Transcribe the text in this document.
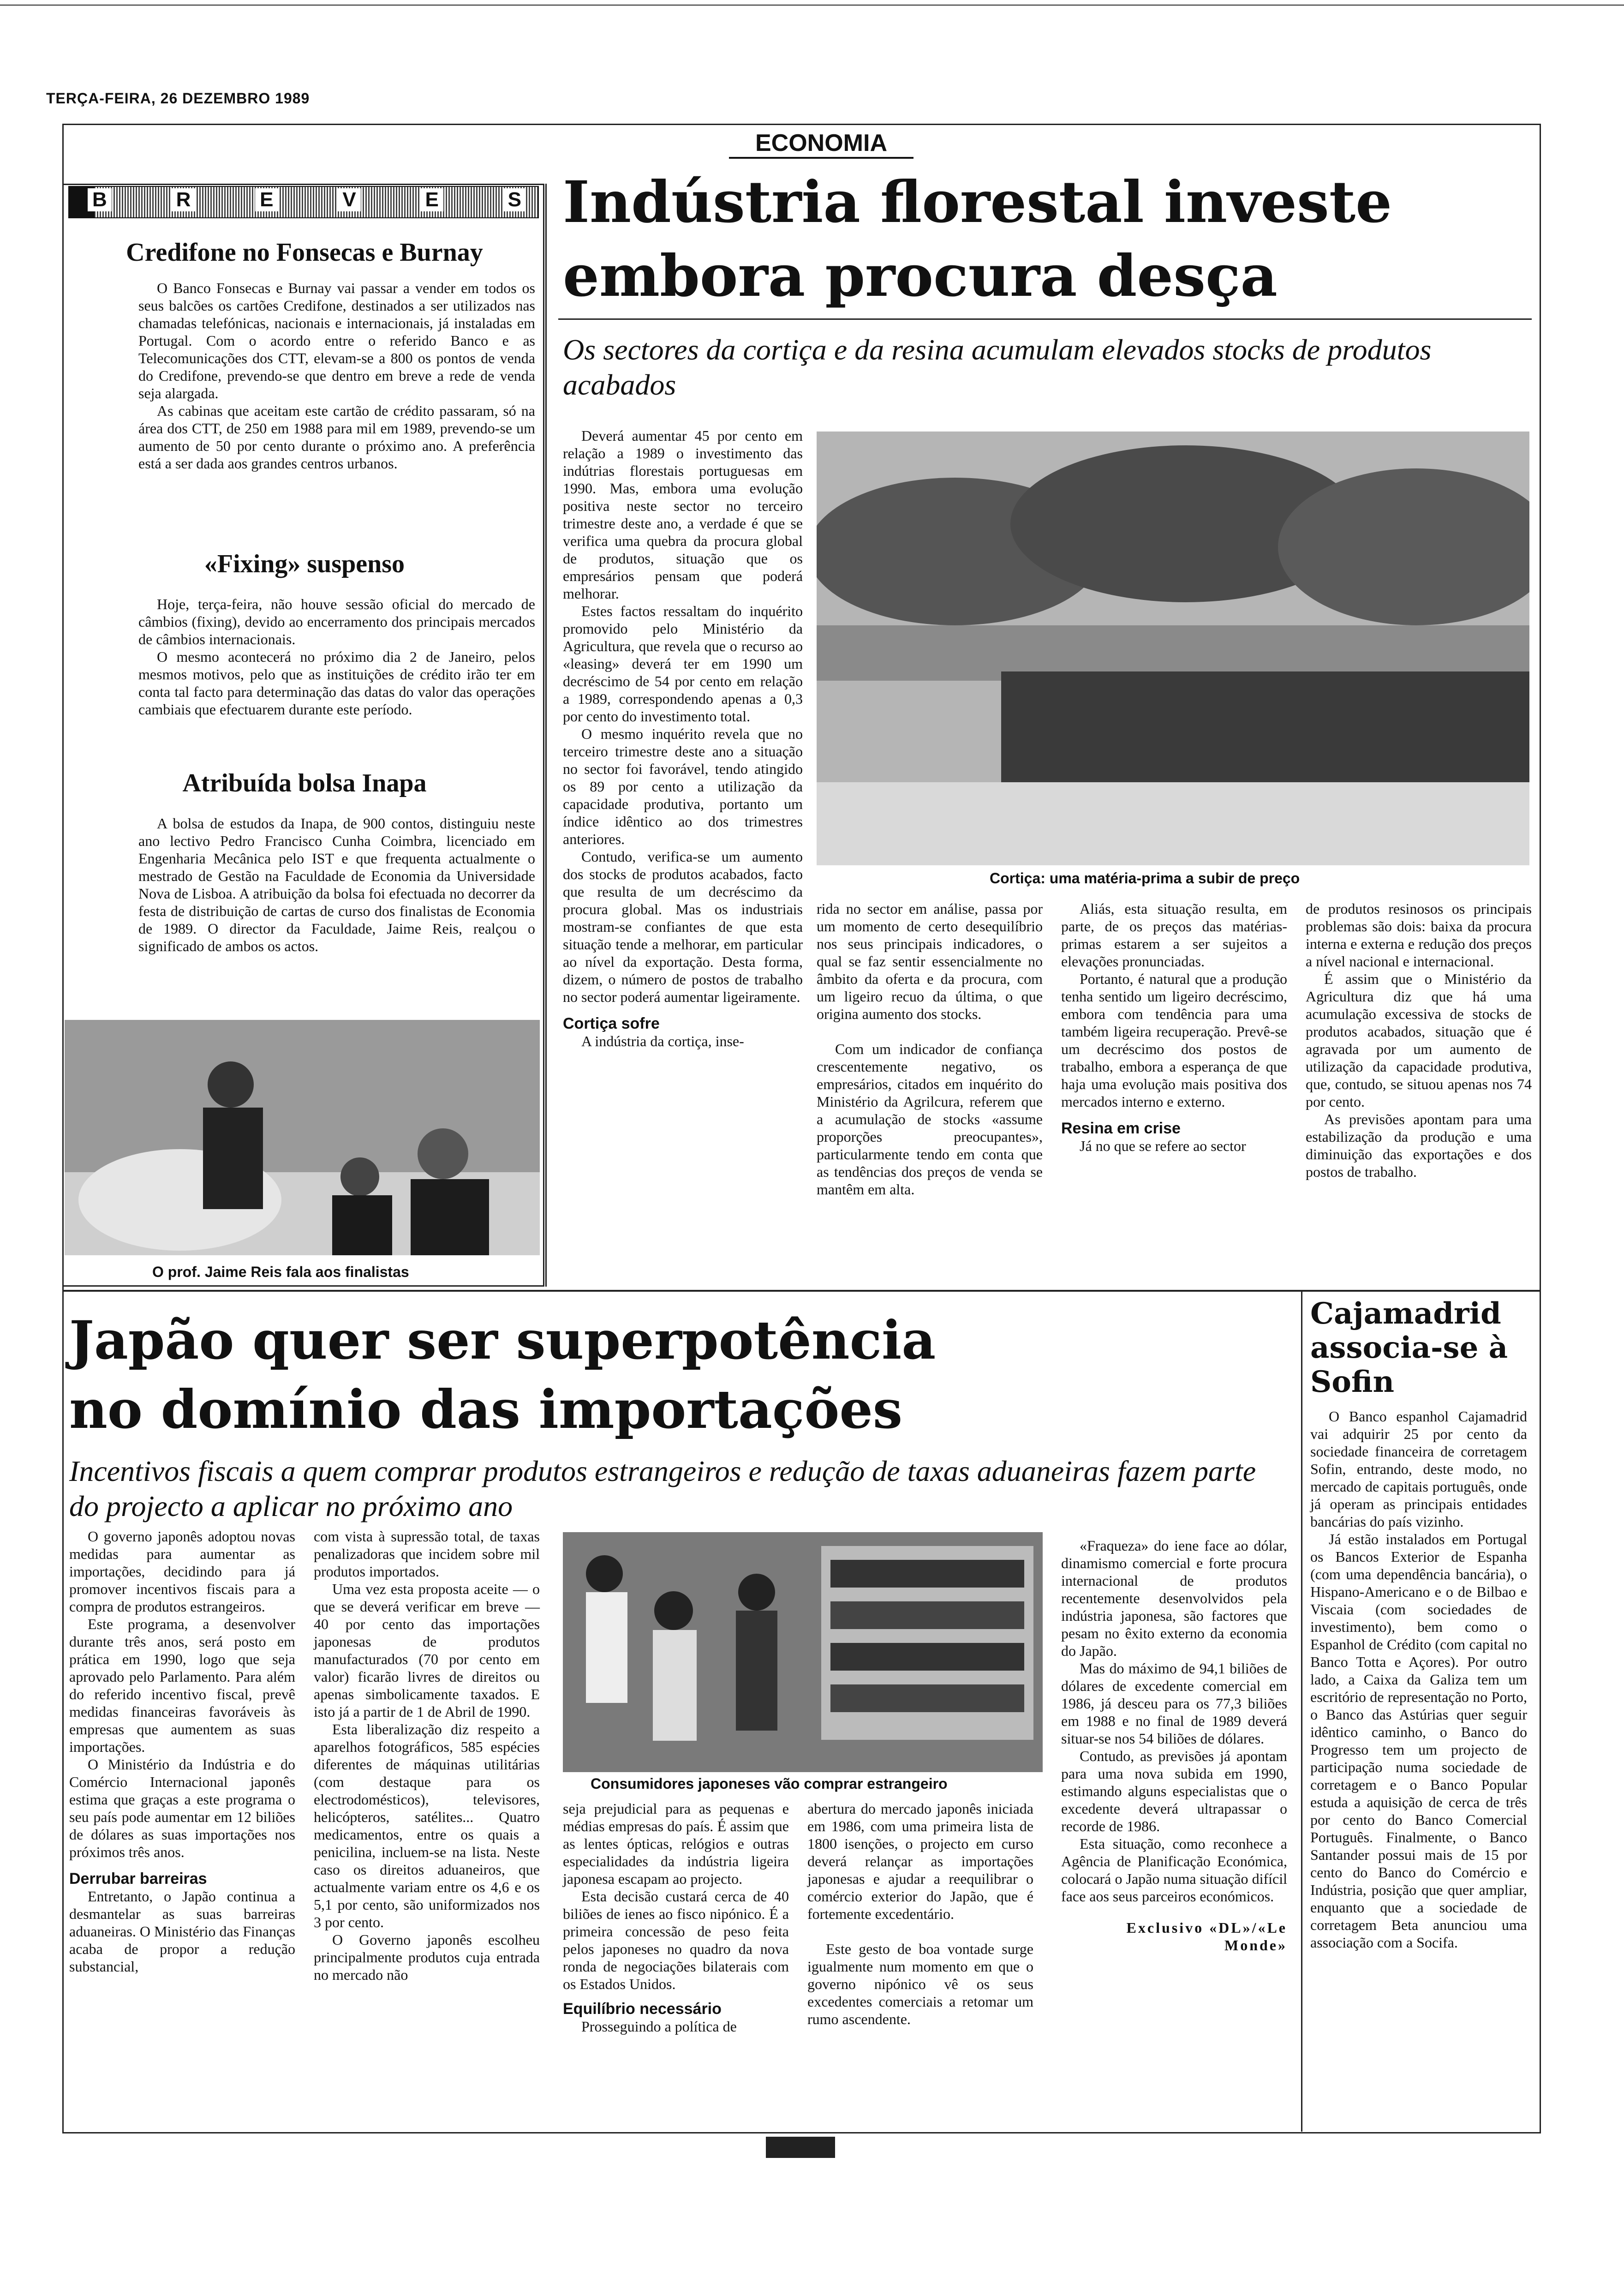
TERÇA-FEIRA, 26 DEZEMBRO 1989
ECONOMIA
B	R	E	V	E	S
Credifone no Fonsecas e Burnay

O Banco Fonsecas e Burnay vai passar a vender em todos os seus balcões os cartões Credifone, destinados a ser utilizados nas chamadas telefónicas, nacionais e internacionais, já instaladas em Portugal. Com o acordo entre o referido Banco e as Telecomunicações dos CTT, elevam-se a 800 os pontos de venda do Credifone, prevendo-se que dentro em breve a rede de venda seja alargada.

As cabinas que aceitam este cartão de crédito passaram, só na área dos CTT, de 250 em 1988 para mil em 1989, prevendo-se um aumento de 50 por cento durante o próximo ano. A preferência está a ser dada aos grandes centros urbanos.

«Fixing» suspenso

Hoje, terça-feira, não houve sessão oficial do mercado de câmbios (fixing), devido ao encerramento dos principais mercados de câmbios internacionais.

O mesmo acontecerá no próximo dia 2 de Janeiro, pelos mesmos motivos, pelo que as instituições de crédito irão ter em conta tal facto para determinação das datas do valor das operações cambiais que efectuarem durante este período.

Atribuída bolsa Inapa

A bolsa de estudos da Inapa, de 900 contos, distinguiu neste ano lectivo Pedro Francisco Cunha Coimbra, licenciado em Engenharia Mecânica pelo IST e que frequenta actualmente o mestrado de Gestão na Faculdade de Economia da Universidade Nova de Lisboa. A atribuição da bolsa foi efectuada no decorrer da festa de distribuição de cartas de curso dos finalistas de Economia de 1989. O director da Faculdade, Jaime Reis, realçou o significado de ambos os actos.

O prof. Jaime Reis fala aos finalistas
Indústria florestal investe
embora procura desça
Os sectores da cortiça e da resina acumulam elevados stocks de produtos acabados

Deverá aumentar 45 por cento em relação a 1989 o investimento das indútrias florestais portuguesas em 1990. Mas, embora uma evolução positiva neste sector no terceiro trimestre deste ano, a verdade é que se verifica uma quebra da procura global de produtos, situação que os empresários pensam que poderá melhorar.

Estes factos ressaltam do inquérito promovido pelo Ministério da Agricultura, que revela que o recurso ao «leasing» deverá ter em 1990 um decréscimo de 54 por cento em relação a 1989, correspondendo apenas a 0,3 por cento do investimento total.

O mesmo inquérito revela que no terceiro trimestre deste ano a situação no sector foi favorável, tendo atingido os 89 por cento a utilização da capacidade produtiva, portanto um índice idêntico ao dos trimestres anteriores.

Contudo, verifica-se um aumento dos stocks de produtos acabados, facto que resulta de um decréscimo da procura global. Mas os industriais mostram-se confiantes de que esta situação tende a melhorar, em particular ao nível da exportação. Desta forma, dizem, o número de postos de trabalho no sector poderá aumentar ligeiramente.

Cortiça sofre

A indústria da cortiça, inse-

Cortiça: uma matéria-prima a subir de preço

rida no sector em análise, passa por um momento de certo desequilíbrio nos seus principais indicadores, o qual se faz sentir essencialmente no âmbito da oferta e da procura, com um ligeiro recuo da última, o que origina aumento dos stocks.

Com um indicador de confiança crescentemente negativo, os empresários, citados em inquérito do Ministério da Agrilcura, referem que a acumulação de stocks «assume proporções preocupantes», particularmente tendo em conta que as tendências dos preços de venda se mantêm em alta.

Aliás, esta situação resulta, em parte, de os preços das matérias-primas estarem a ser sujeitos a elevações pronunciadas.

Portanto, é natural que a produção tenha sentido um ligeiro decréscimo, embora com tendência para uma também ligeira recuperação. Prevê-se um decréscimo dos postos de trabalho, embora a esperança de que haja uma evolução mais positiva dos mercados interno e externo.

Resina em crise

Já no que se refere ao sector

de produtos resinosos os principais problemas são dois: baixa da procura interna e externa e redução dos preços a nível nacional e internacional.

É assim que o Ministério da Agricultura diz que há uma acumulação excessiva de stocks de produtos acabados, situação que é agravada por um aumento de utilização da capacidade produtiva, que, contudo, se situou apenas nos 74 por cento.

As previsões apontam para uma estabilização da produção e uma diminuição das exportações e dos postos de trabalho.

Japão quer ser superpotência
no domínio das importações
Incentivos fiscais a quem comprar produtos estrangeiros e redução de taxas aduaneiras fazem parte do projecto a aplicar no próximo ano

O governo japonês adoptou novas medidas para aumentar as importações, decidindo para já promover incentivos fiscais para a compra de produtos estrangeiros.

Este programa, a desenvolver durante três anos, será posto em prática em 1990, logo que seja aprovado pelo Parlamento. Para além do referido incentivo fiscal, prevê medidas financeiras favoráveis às empresas que aumentem as suas importações.

O Ministério da Indústria e do Comércio Internacional japonês estima que graças a este programa o seu país pode aumentar em 12 biliões de dólares as suas importações nos próximos três anos.

Derrubar barreiras

Entretanto, o Japão continua a desmantelar as suas barreiras aduaneiras. O Ministério das Finanças acaba de propor a redução substancial,

com vista à supressão total, de taxas penalizadoras que incidem sobre mil produtos importados.

Uma vez esta proposta aceite — o que se deverá verificar em breve — 40 por cento das importações japonesas de produtos manufacturados (70 por cento em valor) ficarão livres de direitos ou apenas simbolicamente taxados. E isto já a partir de 1 de Abril de 1990.

Esta liberalização diz respeito a aparelhos fotográficos, 585 espécies diferentes de máquinas utilitárias (com destaque para os electrodomésticos), televisores, helicópteros, satélites... Quatro medicamentos, entre os quais a penicilina, incluem-se na lista. Neste caso os direitos aduaneiros, que actualmente variam entre os 4,6 e os 5,1 por cento, são uniformizados nos 3 por cento.

O Governo japonês escolheu principalmente produtos cuja entrada no mercado não

Consumidores japoneses vão comprar estrangeiro

seja prejudicial para as pequenas e médias empresas do país. É assim que as lentes ópticas, relógios e outras especialidades da indústria ligeira japonesa escapam ao projecto.

Esta decisão custará cerca de 40 biliões de ienes ao fisco nipónico. É a primeira concessão de peso feita pelos japoneses no quadro da nova ronda de negociações bilaterais com os Estados Unidos.

Equilíbrio necessário

Prosseguindo a política de

abertura do mercado japonês iniciada em 1986, com uma primeira lista de 1800 isenções, o projecto em curso deverá relançar as importações japonesas e ajudar a reequilibrar o comércio exterior do Japão, que é fortemente excedentário.

Este gesto de boa vontade surge igualmente num momento em que o governo nipónico vê os seus excedentes comerciais a retomar um rumo ascendente.

«Fraqueza» do iene face ao dólar, dinamismo comercial e forte procura internacional de produtos recentemente desenvolvidos pela indústria japonesa, são factores que pesam no êxito externo da economia do Japão.

Mas do máximo de 94,1 biliões de dólares de excedente comercial em 1986, já desceu para os 77,3 biliões em 1988 e no final de 1989 deverá situar-se nos 54 biliões de dólares.

Contudo, as previsões já apontam para uma nova subida em 1990, estimando alguns especialistas que o excedente deverá ultrapassar o recorde de 1986.

Esta situação, como reconhece a Agência de Planificação Económica, colocará o Japão numa situação difícil face aos seus parceiros económicos.

Exclusivo «DL»/«Le Monde»
Cajamadrid associa-se à Sofin

O Banco espanhol Cajamadrid vai adquirir 25 por cento da sociedade financeira de corretagem Sofin, entrando, deste modo, no mercado de capitais português, onde já operam as principais entidades bancárias do país vizinho.

Já estão instalados em Portugal os Bancos Exterior de Espanha (com uma dependência bancária), o Hispano-Americano e o de Bilbao e Viscaia (com sociedades de investimento), bem como o Espanhol de Crédito (com capital no Banco Totta e Açores). Por outro lado, a Caixa da Galiza tem um escritório de representação no Porto, o Banco das Astúrias quer seguir idêntico caminho, o Banco do Progresso tem um projecto de participação numa sociedade de corretagem e o Banco Popular estuda a aquisição de cerca de três por cento do Banco Comercial Português. Finalmente, o Banco Santander possui mais de 15 por cento do Banco do Comércio e Indústria, posição que quer ampliar, enquanto que a sociedade de corretagem Beta anunciou uma associação com a Socifa.
